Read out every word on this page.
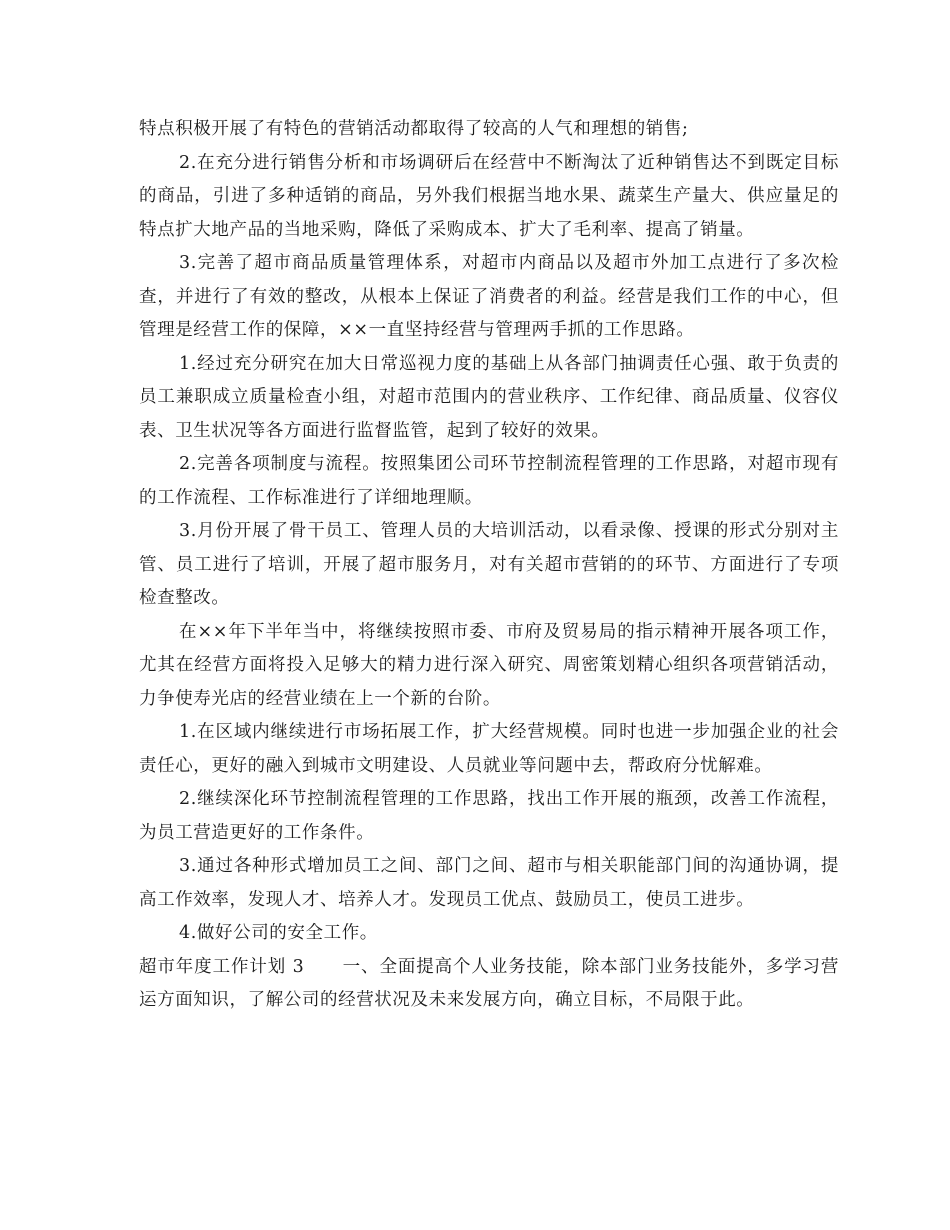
特点积极开展了有特色的营销活动都取得了较高的人气和理想的销售;

2.在充分进行销售分析和市场调研后在经营中不断淘汰了近种销售达不到既定目标的商品，引进了多种适销的商品，另外我们根据当地水果、蔬菜生产量大、供应量足的特点扩大地产品的当地采购，降低了采购成本、扩大了毛利率、提高了销量。

3.完善了超市商品质量管理体系，对超市内商品以及超市外加工点进行了多次检查，并进行了有效的整改，从根本上保证了消费者的利益。经营是我们工作的中心，但管理是经营工作的保障，××一直坚持经营与管理两手抓的工作思路。

1.经过充分研究在加大日常巡视力度的基础上从各部门抽调责任心强、敢于负责的员工兼职成立质量检查小组，对超市范围内的营业秩序、工作纪律、商品质量、仪容仪表、卫生状况等各方面进行监督监管，起到了较好的效果。

2.完善各项制度与流程。按照集团公司环节控制流程管理的工作思路，对超市现有的工作流程、工作标准进行了详细地理顺。

3.月份开展了骨干员工、管理人员的大培训活动，以看录像、授课的形式分别对主管、员工进行了培训，开展了超市服务月，对有关超市营销的的环节、方面进行了专项检查整改。

在××年下半年当中，将继续按照市委、市府及贸易局的指示精神开展各项工作，尤其在经营方面将投入足够大的精力进行深入研究、周密策划精心组织各项营销活动，力争使寿光店的经营业绩在上一个新的台阶。

1.在区域内继续进行市场拓展工作，扩大经营规模。同时也进一步加强企业的社会责任心，更好的融入到城市文明建设、人员就业等问题中去，帮政府分忧解难。

2.继续深化环节控制流程管理的工作思路，找出工作开展的瓶颈，改善工作流程，为员工营造更好的工作条件。

3.通过各种形式增加员工之间、部门之间、超市与相关职能部门间的沟通协调，提高工作效率，发现人才、培养人才。发现员工优点、鼓励员工，使员工进步。

4.做好公司的安全工作。

超市年度工作计划 3 一、全面提高个人业务技能，除本部门业务技能外，多学习营运方面知识，了解公司的经营状况及未来发展方向，确立目标，不局限于此。
